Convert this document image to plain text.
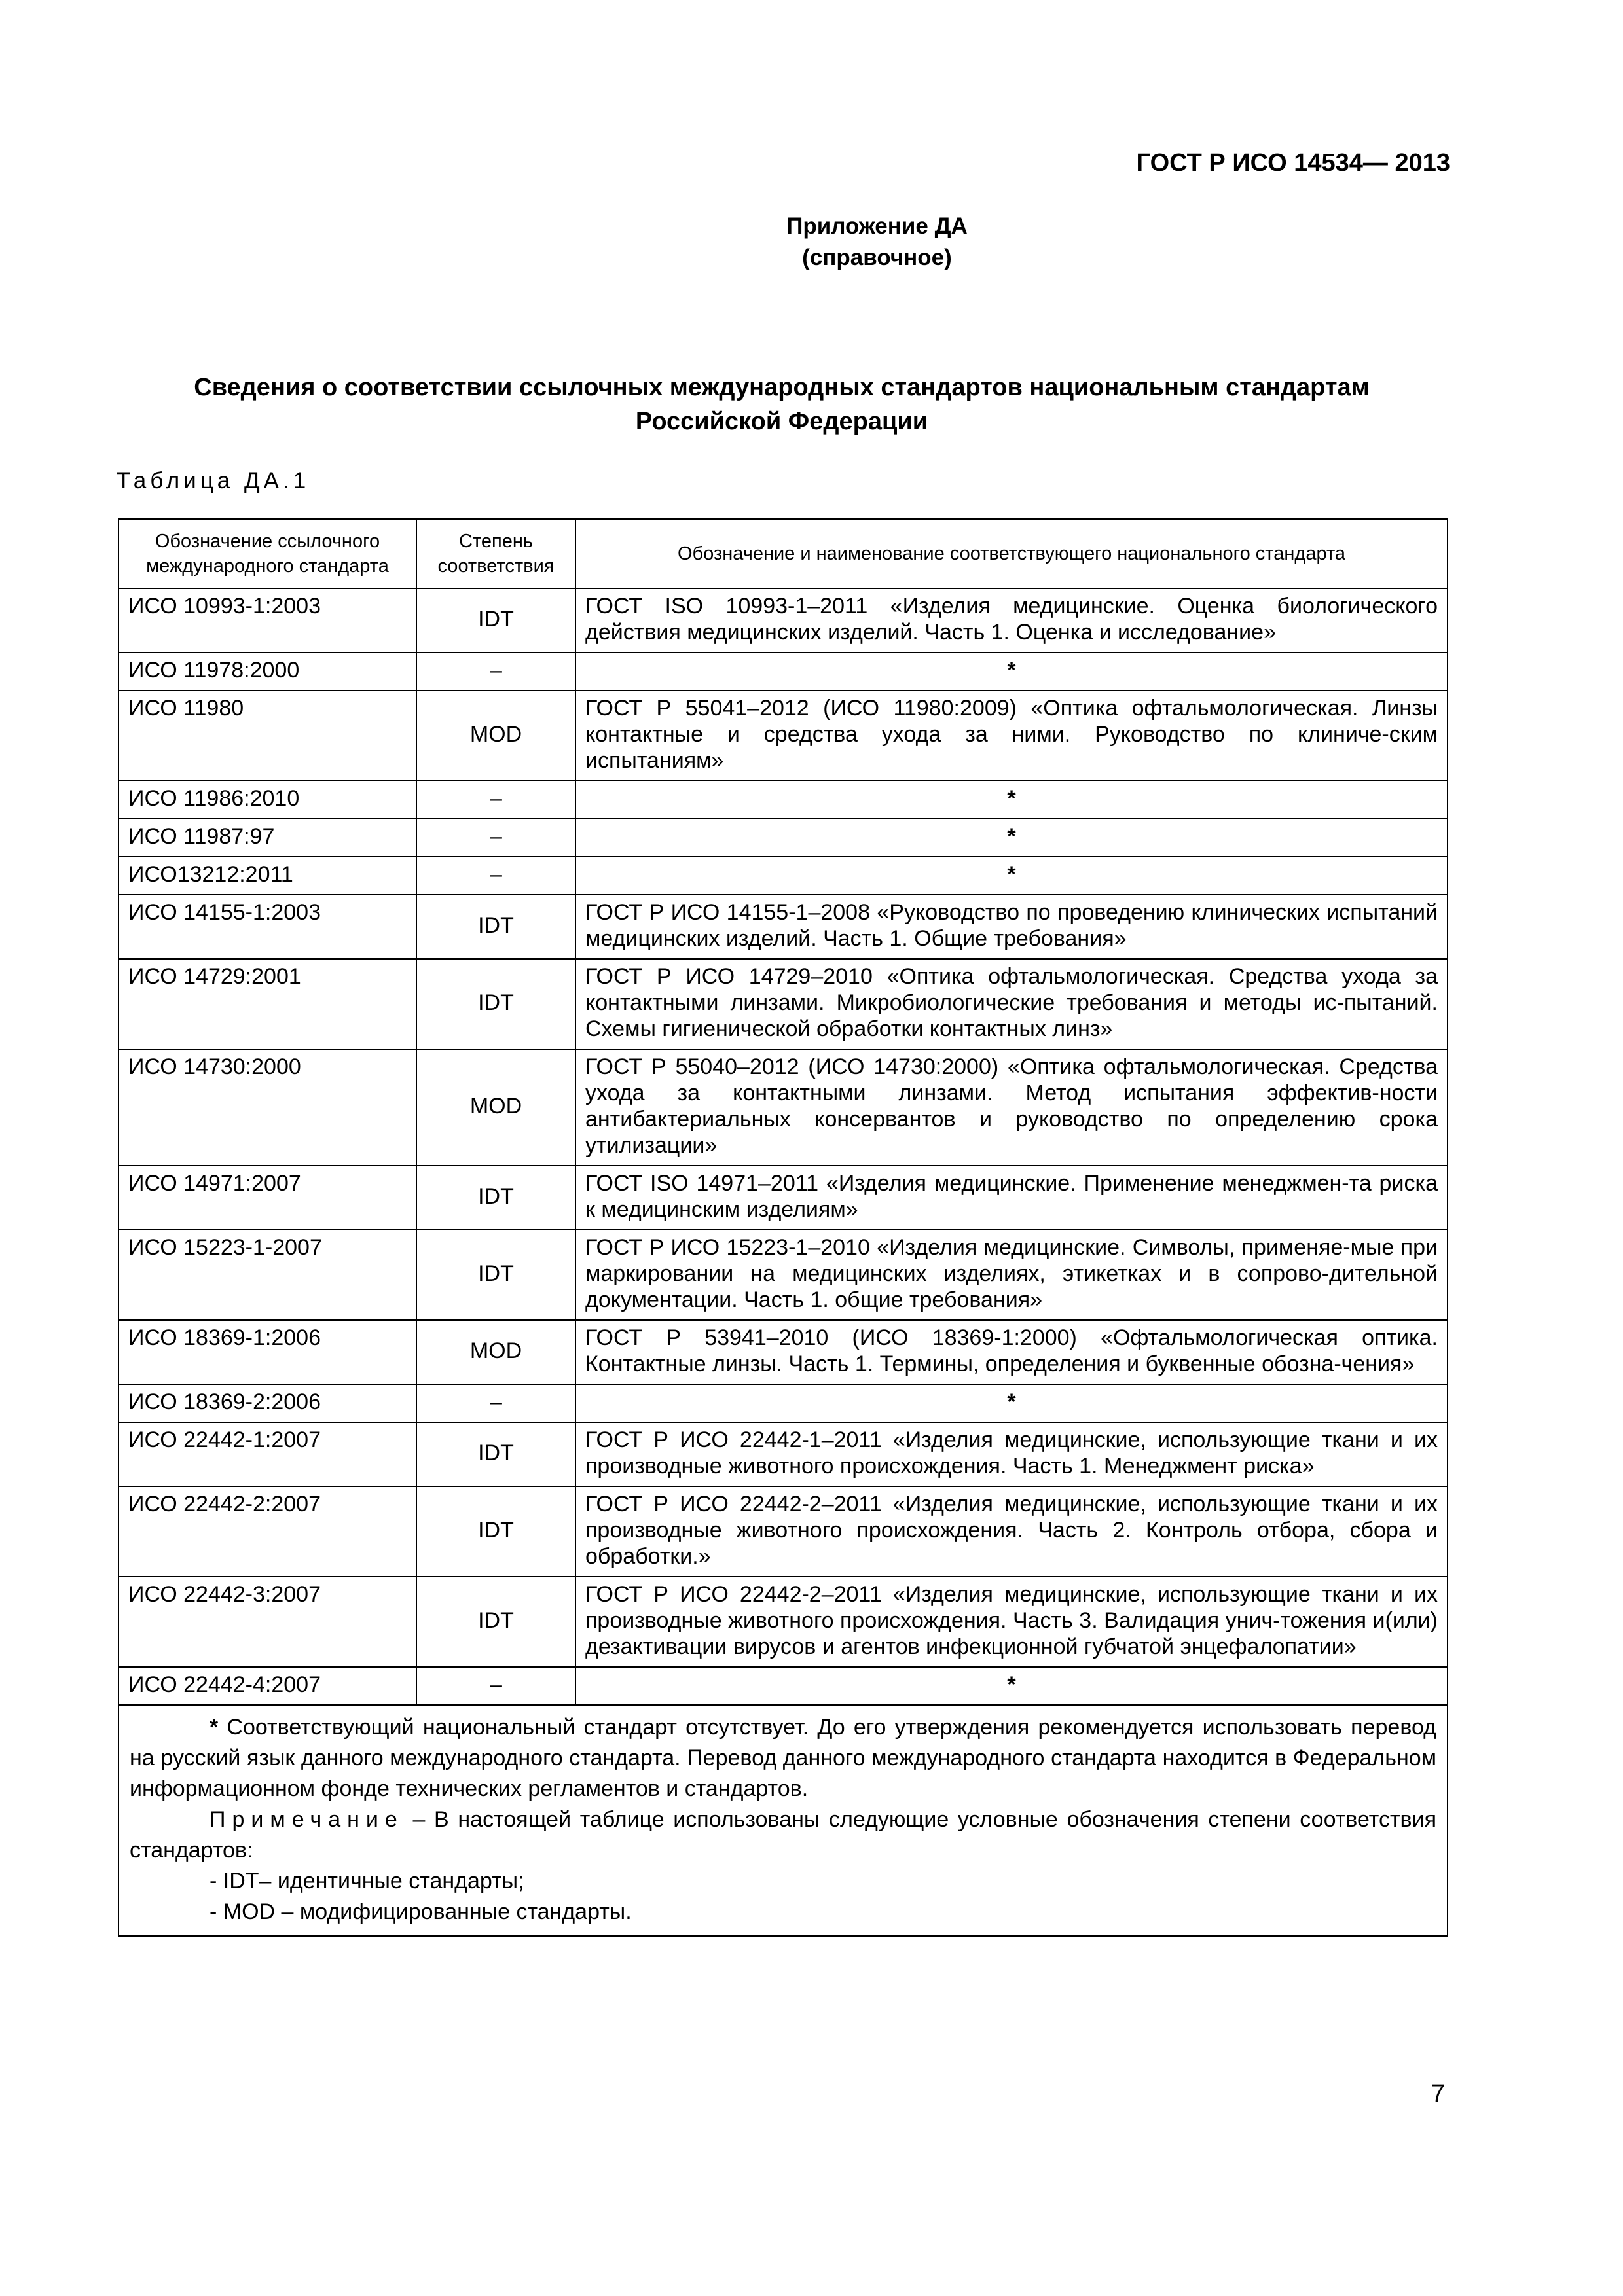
ГОСТ Р ИСО 14534— 2013
Приложение ДА
(справочное)
Сведения о соответствии ссылочных международных стандартов национальным стандартам
Российской Федерации
Таблица ДА.1
Обозначение ссылочного международного стандарта	Степень соответствия	Обозначение и наименование соответствующего национального стандарта
ИСО 10993-1:2003	IDT	ГОСТ ISO 10993-1–2011 «Изделия медицинские. Оценка биологического действия медицинских изделий. Часть 1. Оценка и исследование»
ИСО 11978:2000	–	*
ИСО 11980	MOD	ГОСТ Р 55041–2012 (ИСО 11980:2009) «Оптика офтальмологическая. Линзы контактные и средства ухода за ними. Руководство по клиниче-ским испытаниям»
ИСО 11986:2010	–	*
ИСО 11987:97	–	*
ИСО13212:2011	–	*
ИСО 14155-1:2003	IDT	ГОСТ Р ИСО 14155-1–2008 «Руководство по проведению клинических испытаний медицинских изделий. Часть 1. Общие требования»
ИСО 14729:2001	IDT	ГОСТ Р ИСО 14729–2010 «Оптика офтальмологическая. Средства ухода за контактными линзами. Микробиологические требования и методы ис-пытаний. Схемы гигиенической обработки контактных линз»
ИСО 14730:2000	MOD	ГОСТ Р 55040–2012 (ИСО 14730:2000) «Оптика офтальмологическая. Средства ухода за контактными линзами. Метод испытания эффектив-ности антибактериальных консервантов и руководство по определению срока утилизации»
ИСО 14971:2007	IDT	ГОСТ ISO 14971–2011 «Изделия медицинские. Применение менеджмен-та риска к медицинским изделиям»
ИСО 15223-1-2007	IDT	ГОСТ Р ИСО 15223-1–2010 «Изделия медицинские. Символы, применяе-мые при маркировании на медицинских изделиях, этикетках и в сопрово-дительной документации. Часть 1. общие требования»
ИСО 18369-1:2006	MOD	ГОСТ Р 53941–2010 (ИСО 18369-1:2000) «Офтальмологическая оптика. Контактные линзы. Часть 1. Термины, определения и буквенные обозна-чения»
ИСО 18369-2:2006	–	*
ИСО 22442-1:2007	IDT	ГОСТ Р ИСО 22442-1–2011 «Изделия медицинские, использующие ткани и их производные животного происхождения. Часть 1. Менеджмент риска»
ИСО 22442-2:2007	IDT	ГОСТ Р ИСО 22442-2–2011 «Изделия медицинские, использующие ткани и их производные животного происхождения. Часть 2. Контроль отбора, сбора и обработки.»
ИСО 22442-3:2007	IDT	ГОСТ Р ИСО 22442-2–2011 «Изделия медицинские, использующие ткани и их производные животного происхождения. Часть 3. Валидация унич-тожения и(или) дезактивации вирусов и агентов инфекционной губчатой энцефалопатии»
ИСО 22442-4:2007	–	*

* Соответствующий национальный стандарт отсутствует. До его утверждения рекомендуется использовать перевод на русский язык данного международного стандарта. Перевод данного международного стандарта находится в Федеральном информационном фонде технических регламентов и стандартов.

Примечание – В настоящей таблице использованы следующие условные обозначения степени соответствия стандартов:

- IDT– идентичные стандарты;

- MOD – модифицированные стандарты.		

7
